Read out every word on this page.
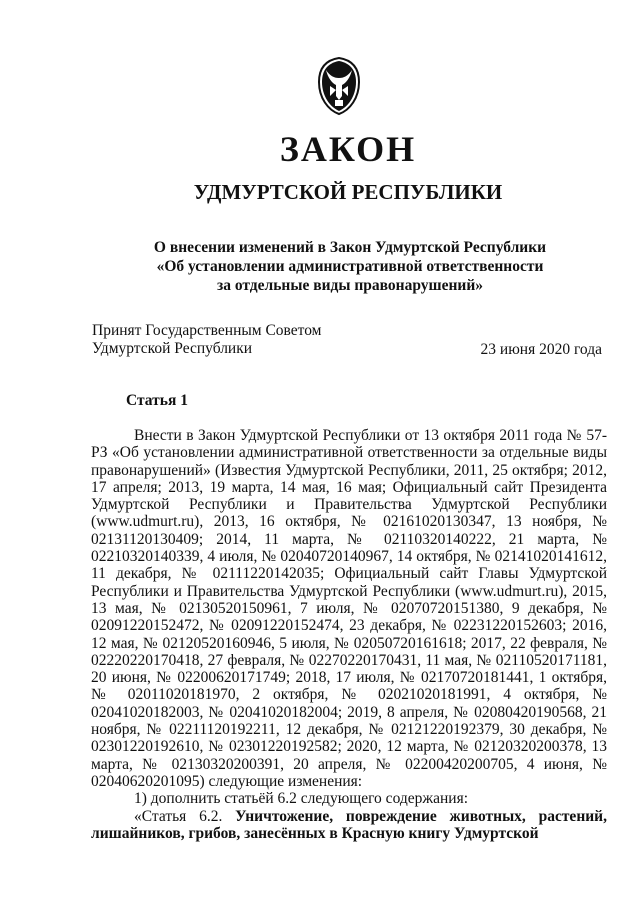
ЗАКОН
УДМУРТСКОЙ РЕСПУБЛИКИ
О внесении изменений в Закон Удмуртской Республики
«Об установлении административной ответственности
за отдельные виды правонарушений»
Принят Государственным Советом
Удмуртской Республики	23 июня 2020 года
Статья 1

Внести в Закон Удмуртской Республики от 13 октября 2011 года № 57-РЗ «Об установлении административной ответственности за отдельные виды правонарушений» (Известия Удмуртской Республики, 2011, 25 октября; 2012, 17 апреля; 2013, 19 марта, 14 мая, 16 мая; Официальный сайт Президента Удмуртской Республики и Правительства Удмуртской Республики (www.udmurt.ru), 2013, 16 октября, № 02161020130347, 13 ноября, № 02131120130409; 2014, 11 марта, № 02110320140222, 21 марта, № 02210320140339, 4 июля, № 02040720140967, 14 октября, № 02141020141612, 11 декабря, № 02111220142035; Официальный сайт Главы Удмуртской Республики и Правительства Удмуртской Республики (www.udmurt.ru), 2015, 13 мая, № 02130520150961, 7 июля, № 02070720151380, 9 декабря, № 02091220152472, № 02091220152474, 23 декабря, № 02231220152603; 2016, 12 мая, № 02120520160946, 5 июля, № 02050720161618; 2017, 22 февраля, № 02220220170418, 27 февраля, № 02270220170431, 11 мая, № 02110520171181, 20 июня, № 02200620171749; 2018, 17 июля, № 02170720181441, 1 октября, № 02011020181970, 2 октября, № 02021020181991, 4 октября, № 02041020182003, № 02041020182004; 2019, 8 апреля, № 02080420190568, 21 ноября, № 02211120192211, 12 декабря, № 02121220192379, 30 декабря, № 02301220192610, № 02301220192582; 2020, 12 марта, № 02120320200378, 13 марта, № 02130320200391, 20 апреля, № 02200420200705, 4 июня, № 02040620201095) следующие изменения:

1) дополнить статьёй 6.2 следующего содержания:

«Статья 6.2. Уничтожение, повреждение животных, растений, лишайников, грибов, занесённых в Красную книгу Удмуртской
